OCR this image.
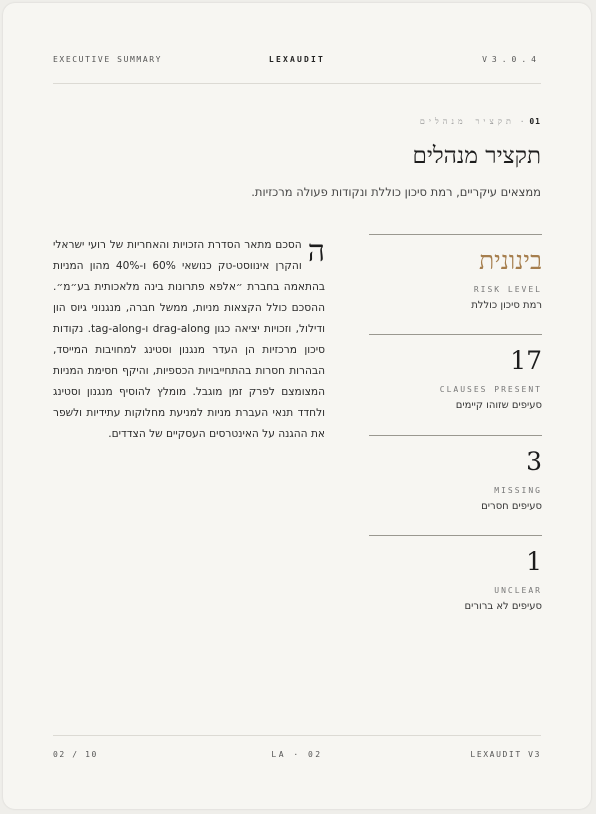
EXECUTIVE SUMMARY	LEXAUDIT	V3.0.4
01 · תקציר מנהלים
תקציר מנהלים
ממצאים עיקריים, רמת סיכון כוללת ונקודות פעולה מרכזיות.
ה
הסכם מתאר הסדרת הזכויות והאחריות של רועי ישראלי והקרן אינווסט-טק כנושאי 60% ו-40% מהון המניות בהתאמה בחברת ״אלפא פתרונות בינה מלאכותית בע״מ״. ההסכם כולל הקצאות מניות, ממשל חברה, מנגנוני גיוס הון ודילול, וזכויות יציאה כגון drag-along ו-tag-along. נקודות סיכון מרכזיות הן העדר מנגנון וסטינג למחויבות המייסד, הבהרות חסרות בהתחייבויות הכספיות, והיקף חסימת המניות המצומצם לפרק זמן מוגבל. מומלץ להוסיף מנגנון וסטינג ולחדד תנאי העברת מניות למניעת מחלוקות עתידיות ולשפר את ההגנה על האינטרסים העסקיים של הצדדים.
בינונית
RISK LEVEL
רמת סיכון כוללת
17
CLAUSES PRESENT
סעיפים שזוהו קיימים
3
MISSING
סעיפים חסרים
1
UNCLEAR
סעיפים לא ברורים
02 / 10	LA · 02	LEXAUDIT V3
